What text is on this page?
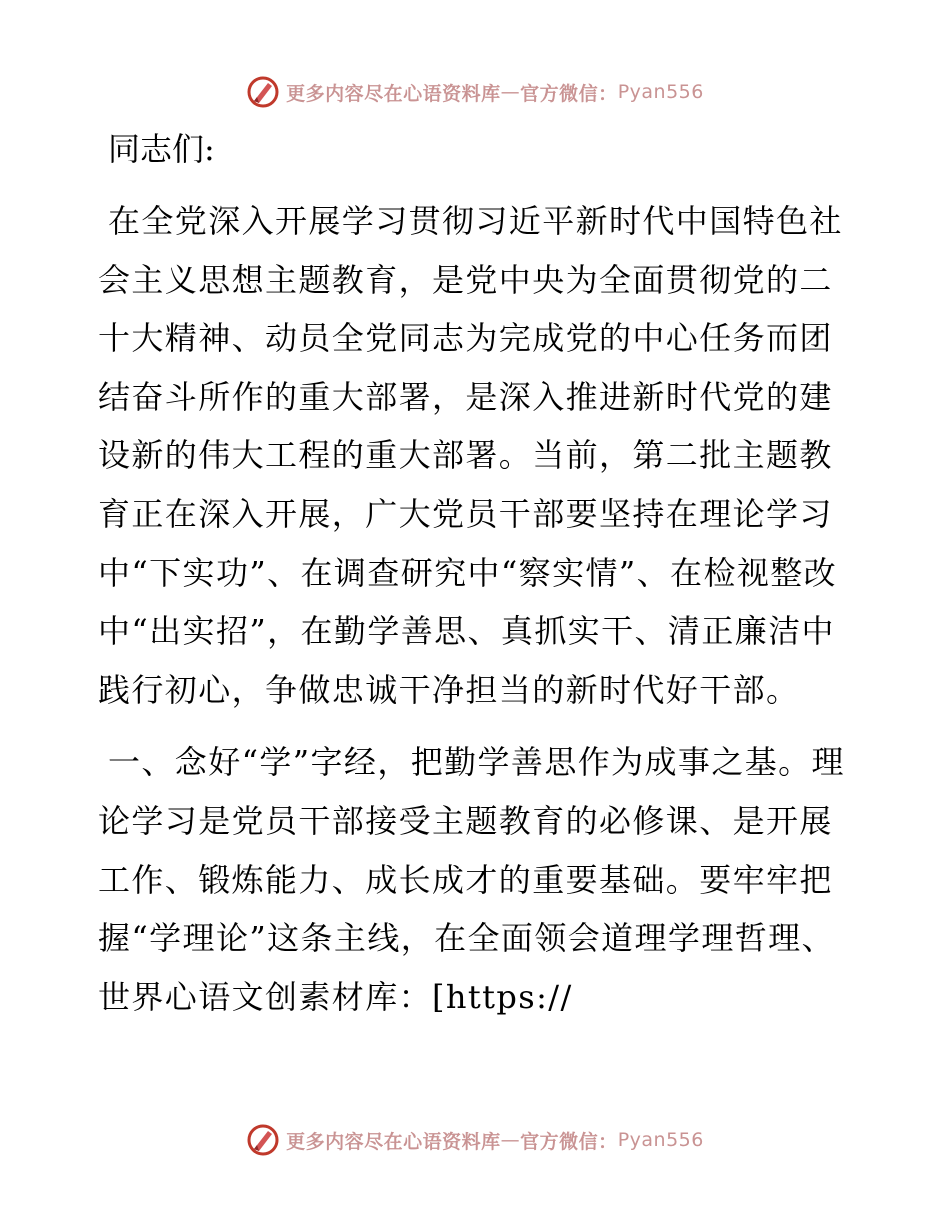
更多内容尽在心语资料库 — 官方微信： Pyan556

同志们:

在全党深入开展学习贯彻习近平新时代中国特色社会主义思想主题教育，是党中央为全面贯彻党的二十大精神、动员全党同志为完成党的中心任务而团结奋斗所作的重大部署，是深入推进新时代党的建设新的伟大工程的重大部署。当前，第二批主题教育正在深入开展，广大党员干部要坚持在理论学习中“下实功”、在调查研究中“察实情”、在检视整改中“出实招”，在勤学善思、真抓实干、清正廉洁中践行初心，争做忠诚干净担当的新时代好干部。

一、念好“学”字经，把勤学善思作为成事之基。理论学习是党员干部接受主题教育的必修课、是开展工作、锻炼能力、成长成才的重要基础。要牢牢把握“学理论”这条主线，在全面领会道理学理哲理、世界心语文创素材库：[https://

更多内容尽在心语资料库 — 官方微信： Pyan556
